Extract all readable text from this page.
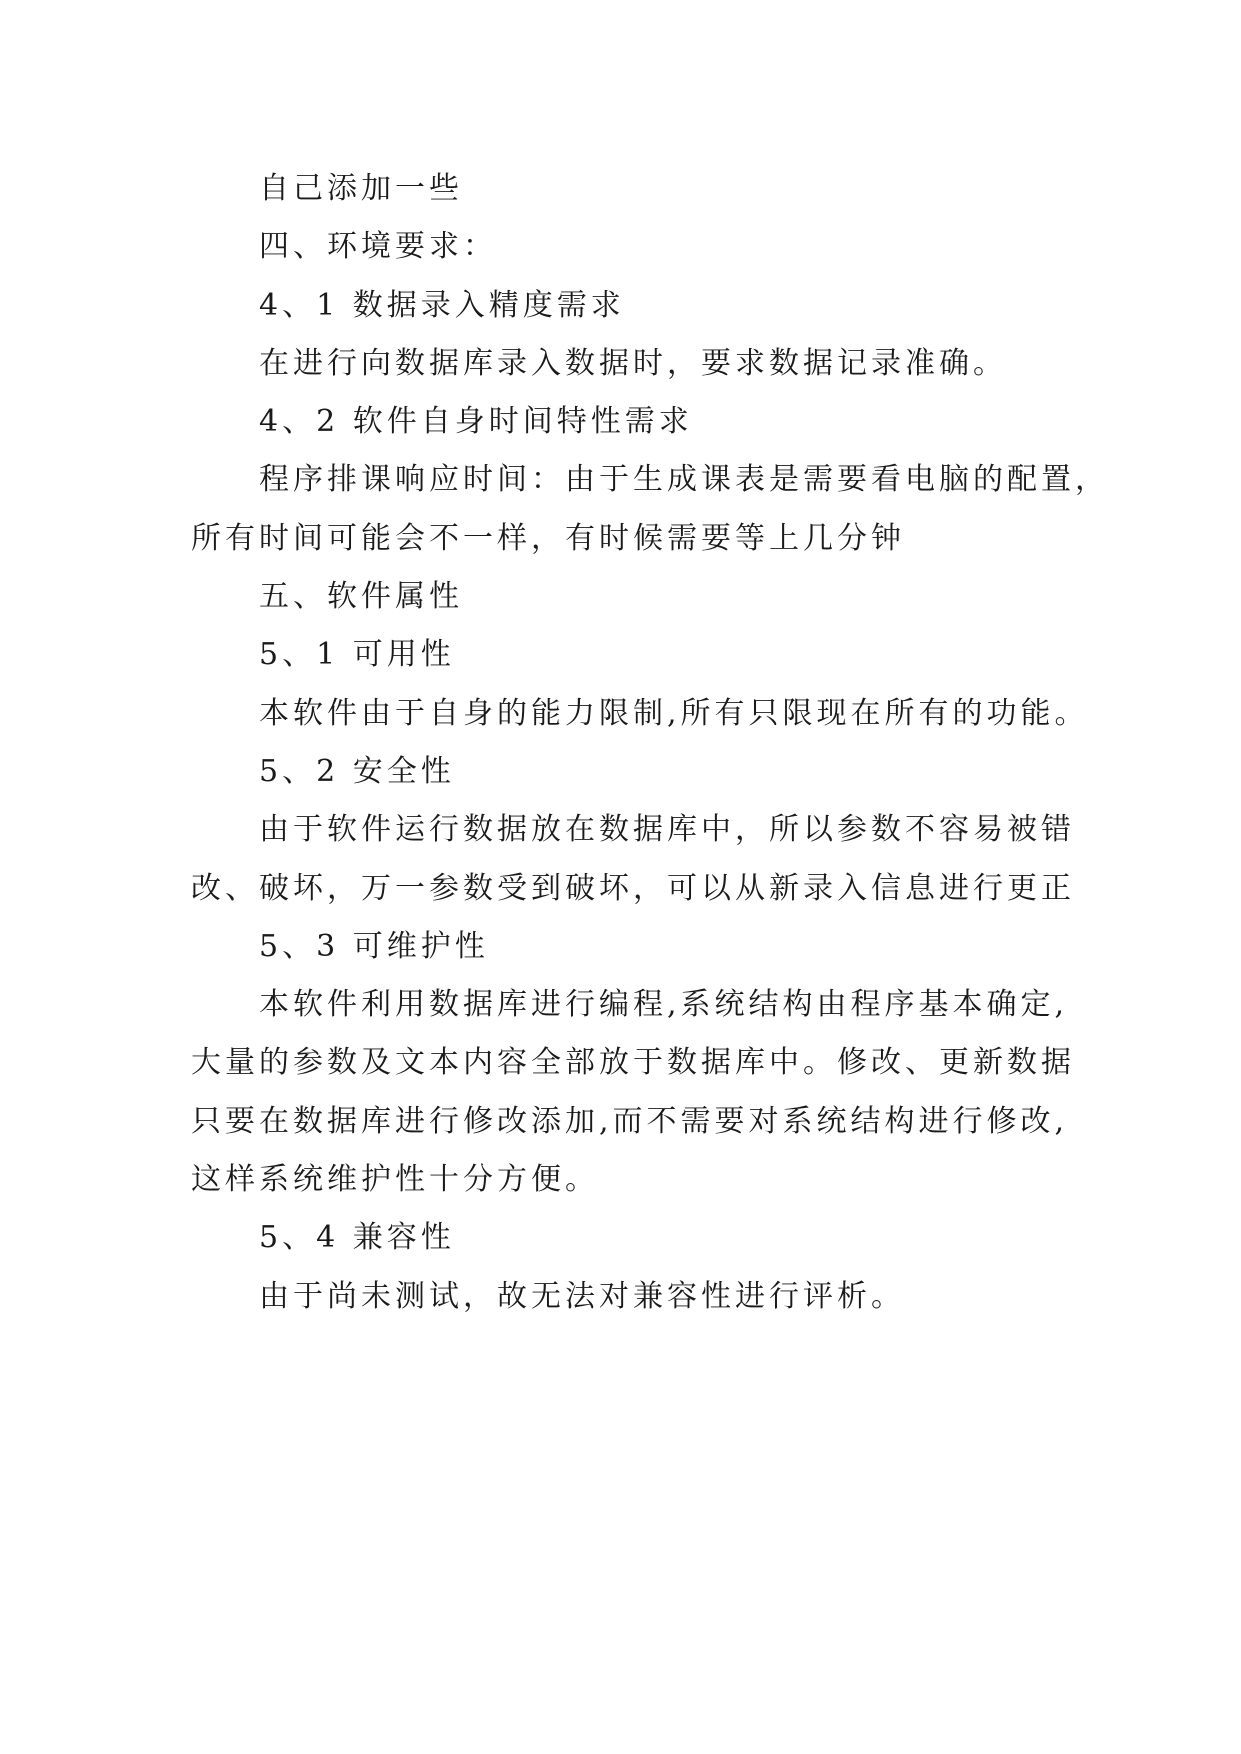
自己添加一些
四、环境要求：
4、1 数据录入精度需求
在进行向数据库录入数据时，要求数据记录准确。
4、2 软件自身时间特性需求
程序排课响应时间：由于生成课表是需要看电脑的配置，
所有时间可能会不一样，有时候需要等上几分钟
五、软件属性
5、1 可用性
本软件由于自身的能力限制,所有只限现在所有的功能。
5、2 安全性
由于软件运行数据放在数据库中，所以参数不容易被错
改、破坏，万一参数受到破坏，可以从新录入信息进行更正
5、3 可维护性
本软件利用数据库进行编程,系统结构由程序基本确定,
大量的参数及文本内容全部放于数据库中。修改、更新数据
只要在数据库进行修改添加,而不需要对系统结构进行修改,
这样系统维护性十分方便。
5、4 兼容性
由于尚未测试，故无法对兼容性进行评析。
